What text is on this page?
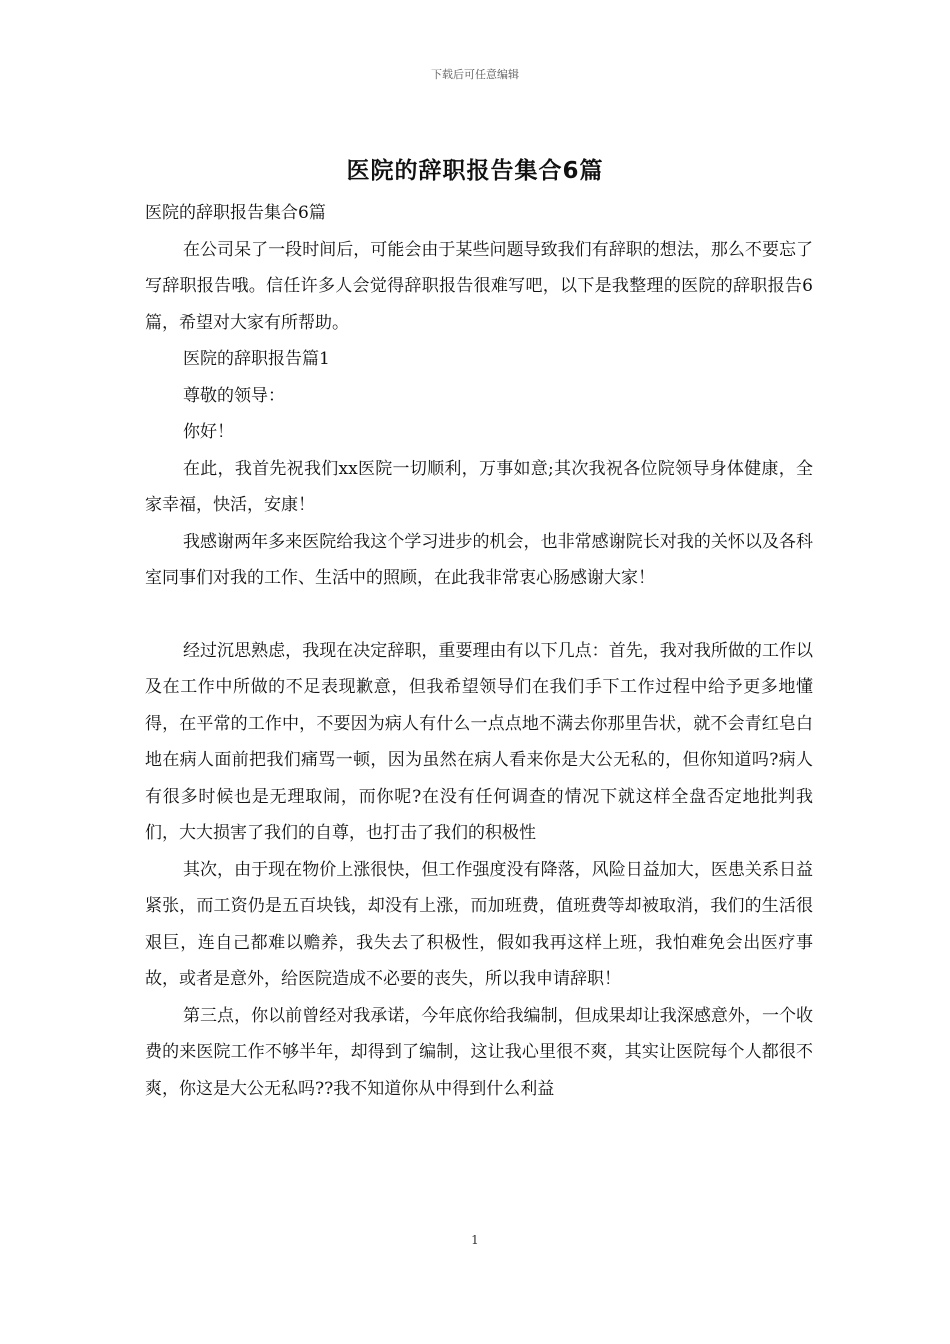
下载后可任意编辑
医院的辞职报告集合6篇

医院的辞职报告集合6篇

在公司呆了一段时间后，可能会由于某些问题导致我们有辞职的想法，那么不要忘了写辞职报告哦。信任许多人会觉得辞职报告很难写吧，以下是我整理的医院的辞职报告6篇，希望对大家有所帮助。

医院的辞职报告篇1

尊敬的领导：

你好！

在此，我首先祝我们xx医院一切顺利，万事如意;其次我祝各位院领导身体健康，全家幸福，快活，安康！

我感谢两年多来医院给我这个学习进步的机会，也非常感谢院长对我的关怀以及各科室同事们对我的工作、生活中的照顾，在此我非常衷心肠感谢大家！

经过沉思熟虑，我现在决定辞职，重要理由有以下几点：首先，我对我所做的工作以及在工作中所做的不足表现歉意，但我希望领导们在我们手下工作过程中给予更多地懂得，在平常的工作中，不要因为病人有什么一点点地不满去你那里告状，就不会青红皂白地在病人面前把我们痛骂一顿，因为虽然在病人看来你是大公无私的，但你知道吗?病人有很多时候也是无理取闹，而你呢?在没有任何调查的情况下就这样全盘否定地批判我们，大大损害了我们的自尊，也打击了我们的积极性

其次，由于现在物价上涨很快，但工作强度没有降落，风险日益加大，医患关系日益紧张，而工资仍是五百块钱，却没有上涨，而加班费，值班费等却被取消，我们的生活很艰巨，连自己都难以赡养，我失去了积极性，假如我再这样上班，我怕难免会出医疗事故，或者是意外，给医院造成不必要的丧失，所以我申请辞职！

第三点，你以前曾经对我承诺，今年底你给我编制，但成果却让我深感意外，一个收费的来医院工作不够半年，却得到了编制，这让我心里很不爽，其实让医院每个人都很不爽，你这是大公无私吗??我不知道你从中得到什么利益

1
